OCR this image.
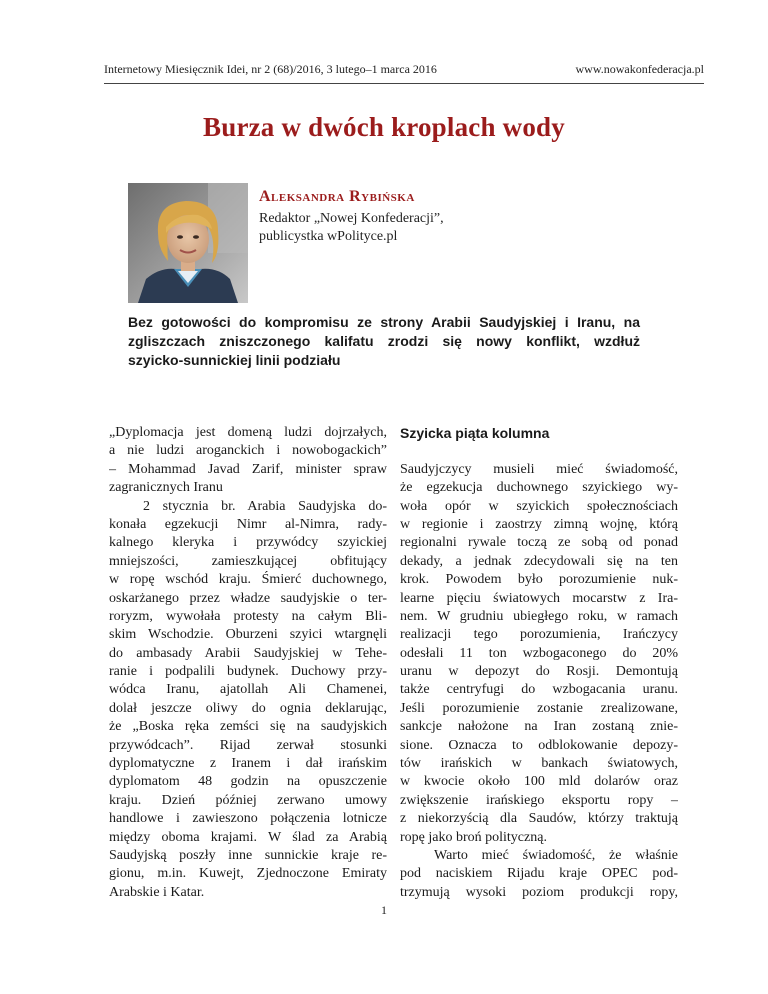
Internetowy Miesięcznik Idei, nr 2 (68)/2016, 3 lutego–1 marca 2016	www.nowakonfederacja.pl
Burza w dwóch kroplach wody
Aleksandra Rybińska
Redaktor „Nowej Konfederacji”,
publicystka wPolityce.pl
Bez gotowości do kompromisu ze strony Arabii Saudyjskiej i Iranu, na
zgliszczach zniszczonego kalifatu zrodzi się nowy konflikt, wzdłuż
szyicko-sunnickiej linii podziału
„Dyplomacja jest domeną ludzi dojrzałych,
a nie ludzi aroganckich i nowobogackich”
– Mohammad Javad Zarif, minister spraw
zagranicznych Iranu
2 stycznia br. Arabia Saudyjska do-
konała egzekucji Nimr al-Nimra, rady-
kalnego kleryka i przywódcy szyickiej
mniejszości, zamieszkującej obfitujący
w ropę wschód kraju. Śmierć duchownego,
oskarżanego przez władze saudyjskie o ter-
roryzm, wywołała protesty na całym Bli-
skim Wschodzie. Oburzeni szyici wtargnęli
do ambasady Arabii Saudyjskiej w Tehe-
ranie i podpalili budynek. Duchowy przy-
wódca Iranu, ajatollah Ali Chamenei,
dolał jeszcze oliwy do ognia deklarując,
że „Boska ręka zemści się na saudyjskich
przywódcach”. Rijad zerwał stosunki
dyplomatyczne z Iranem i dał irańskim
dyplomatom 48 godzin na opuszczenie
kraju. Dzień później zerwano umowy
handlowe i zawieszono połączenia lotnicze
między oboma krajami. W ślad za Arabią
Saudyjską poszły inne sunnickie kraje re-
gionu, m.in. Kuwejt, Zjednoczone Emiraty
Arabskie i Katar.
Szyicka piąta kolumna
Saudyjczycy musieli mieć świadomość,
że egzekucja duchownego szyickiego wy-
woła opór w szyickich społecznościach
w regionie i zaostrzy zimną wojnę, którą
regionalni rywale toczą ze sobą od ponad
dekady, a jednak zdecydowali się na ten
krok. Powodem było porozumienie nuk-
learne pięciu światowych mocarstw z Ira-
nem. W grudniu ubiegłego roku, w ramach
realizacji tego porozumienia, Irańczycy
odesłali 11 ton wzbogaconego do 20%
uranu w depozyt do Rosji. Demontują
także centryfugi do wzbogacania uranu.
Jeśli porozumienie zostanie zrealizowane,
sankcje nałożone na Iran zostaną znie-
sione. Oznacza to odblokowanie depozy-
tów irańskich w bankach światowych,
w kwocie około 100 mld dolarów oraz
zwiększenie irańskiego eksportu ropy –
z niekorzyścią dla Saudów, którzy traktują
ropę jako broń polityczną.
Warto mieć świadomość, że właśnie
pod naciskiem Rijadu kraje OPEC pod-
trzymują wysoki poziom produkcji ropy,
1
